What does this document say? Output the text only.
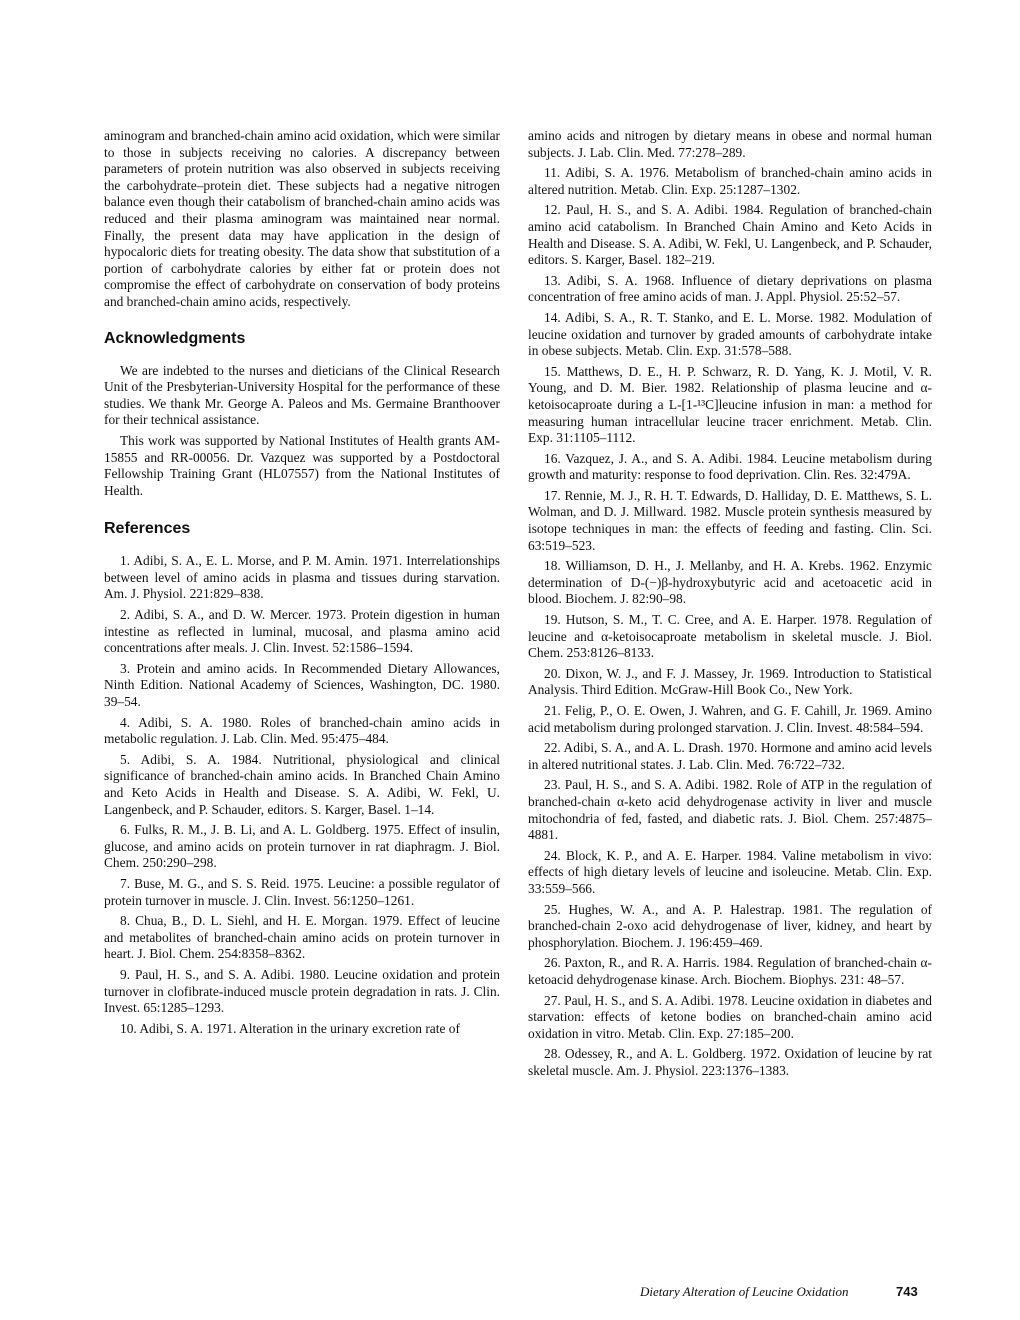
aminogram and branched-chain amino acid oxidation, which were similar to those in subjects receiving no calories. A discrepancy between parameters of protein nutrition was also observed in subjects receiving the carbohydrate–protein diet. These subjects had a negative nitrogen balance even though their catabolism of branched-chain amino acids was reduced and their plasma aminogram was maintained near normal. Finally, the present data may have application in the design of hypocaloric diets for treating obesity. The data show that substitution of a portion of carbohydrate calories by either fat or protein does not compromise the effect of carbohydrate on conservation of body proteins and branched-chain amino acids, respectively.

Acknowledgments

We are indebted to the nurses and dieticians of the Clinical Research Unit of the Presbyterian-University Hospital for the performance of these studies. We thank Mr. George A. Paleos and Ms. Germaine Branthoover for their technical assistance.

This work was supported by National Institutes of Health grants AM-15855 and RR-00056. Dr. Vazquez was supported by a Postdoctoral Fellowship Training Grant (HL07557) from the National Institutes of Health.

References

1. Adibi, S. A., E. L. Morse, and P. M. Amin. 1971. Interrelationships between level of amino acids in plasma and tissues during starvation. Am. J. Physiol. 221:829–838.

2. Adibi, S. A., and D. W. Mercer. 1973. Protein digestion in human intestine as reflected in luminal, mucosal, and plasma amino acid concentrations after meals. J. Clin. Invest. 52:1586–1594.

3. Protein and amino acids. In Recommended Dietary Allowances, Ninth Edition. National Academy of Sciences, Washington, DC. 1980. 39–54.

4. Adibi, S. A. 1980. Roles of branched-chain amino acids in metabolic regulation. J. Lab. Clin. Med. 95:475–484.

5. Adibi, S. A. 1984. Nutritional, physiological and clinical significance of branched-chain amino acids. In Branched Chain Amino and Keto Acids in Health and Disease. S. A. Adibi, W. Fekl, U. Langenbeck, and P. Schauder, editors. S. Karger, Basel. 1–14.

6. Fulks, R. M., J. B. Li, and A. L. Goldberg. 1975. Effect of insulin, glucose, and amino acids on protein turnover in rat diaphragm. J. Biol. Chem. 250:290–298.

7. Buse, M. G., and S. S. Reid. 1975. Leucine: a possible regulator of protein turnover in muscle. J. Clin. Invest. 56:1250–1261.

8. Chua, B., D. L. Siehl, and H. E. Morgan. 1979. Effect of leucine and metabolites of branched-chain amino acids on protein turnover in heart. J. Biol. Chem. 254:8358–8362.

9. Paul, H. S., and S. A. Adibi. 1980. Leucine oxidation and protein turnover in clofibrate-induced muscle protein degradation in rats. J. Clin. Invest. 65:1285–1293.

10. Adibi, S. A. 1971. Alteration in the urinary excretion rate of

amino acids and nitrogen by dietary means in obese and normal human subjects. J. Lab. Clin. Med. 77:278–289.

11. Adibi, S. A. 1976. Metabolism of branched-chain amino acids in altered nutrition. Metab. Clin. Exp. 25:1287–1302.

12. Paul, H. S., and S. A. Adibi. 1984. Regulation of branched-chain amino acid catabolism. In Branched Chain Amino and Keto Acids in Health and Disease. S. A. Adibi, W. Fekl, U. Langenbeck, and P. Schauder, editors. S. Karger, Basel. 182–219.

13. Adibi, S. A. 1968. Influence of dietary deprivations on plasma concentration of free amino acids of man. J. Appl. Physiol. 25:52–57.

14. Adibi, S. A., R. T. Stanko, and E. L. Morse. 1982. Modulation of leucine oxidation and turnover by graded amounts of carbohydrate intake in obese subjects. Metab. Clin. Exp. 31:578–588.

15. Matthews, D. E., H. P. Schwarz, R. D. Yang, K. J. Motil, V. R. Young, and D. M. Bier. 1982. Relationship of plasma leucine and α-ketoisocaproate during a L-[1-¹³C]leucine infusion in man: a method for measuring human intracellular leucine tracer enrichment. Metab. Clin. Exp. 31:1105–1112.

16. Vazquez, J. A., and S. A. Adibi. 1984. Leucine metabolism during growth and maturity: response to food deprivation. Clin. Res. 32:479A.

17. Rennie, M. J., R. H. T. Edwards, D. Halliday, D. E. Matthews, S. L. Wolman, and D. J. Millward. 1982. Muscle protein synthesis measured by isotope techniques in man: the effects of feeding and fasting. Clin. Sci. 63:519–523.

18. Williamson, D. H., J. Mellanby, and H. A. Krebs. 1962. Enzymic determination of D-(−)β-hydroxybutyric acid and acetoacetic acid in blood. Biochem. J. 82:90–98.

19. Hutson, S. M., T. C. Cree, and A. E. Harper. 1978. Regulation of leucine and α-ketoisocaproate metabolism in skeletal muscle. J. Biol. Chem. 253:8126–8133.

20. Dixon, W. J., and F. J. Massey, Jr. 1969. Introduction to Statistical Analysis. Third Edition. McGraw-Hill Book Co., New York.

21. Felig, P., O. E. Owen, J. Wahren, and G. F. Cahill, Jr. 1969. Amino acid metabolism during prolonged starvation. J. Clin. Invest. 48:584–594.

22. Adibi, S. A., and A. L. Drash. 1970. Hormone and amino acid levels in altered nutritional states. J. Lab. Clin. Med. 76:722–732.

23. Paul, H. S., and S. A. Adibi. 1982. Role of ATP in the regulation of branched-chain α-keto acid dehydrogenase activity in liver and muscle mitochondria of fed, fasted, and diabetic rats. J. Biol. Chem. 257:4875–4881.

24. Block, K. P., and A. E. Harper. 1984. Valine metabolism in vivo: effects of high dietary levels of leucine and isoleucine. Metab. Clin. Exp. 33:559–566.

25. Hughes, W. A., and A. P. Halestrap. 1981. The regulation of branched-chain 2-oxo acid dehydrogenase of liver, kidney, and heart by phosphorylation. Biochem. J. 196:459–469.

26. Paxton, R., and R. A. Harris. 1984. Regulation of branched-chain α-ketoacid dehydrogenase kinase. Arch. Biochem. Biophys. 231: 48–57.

27. Paul, H. S., and S. A. Adibi. 1978. Leucine oxidation in diabetes and starvation: effects of ketone bodies on branched-chain amino acid oxidation in vitro. Metab. Clin. Exp. 27:185–200.

28. Odessey, R., and A. L. Goldberg. 1972. Oxidation of leucine by rat skeletal muscle. Am. J. Physiol. 223:1376–1383.

Dietary Alteration of Leucine Oxidation	743
